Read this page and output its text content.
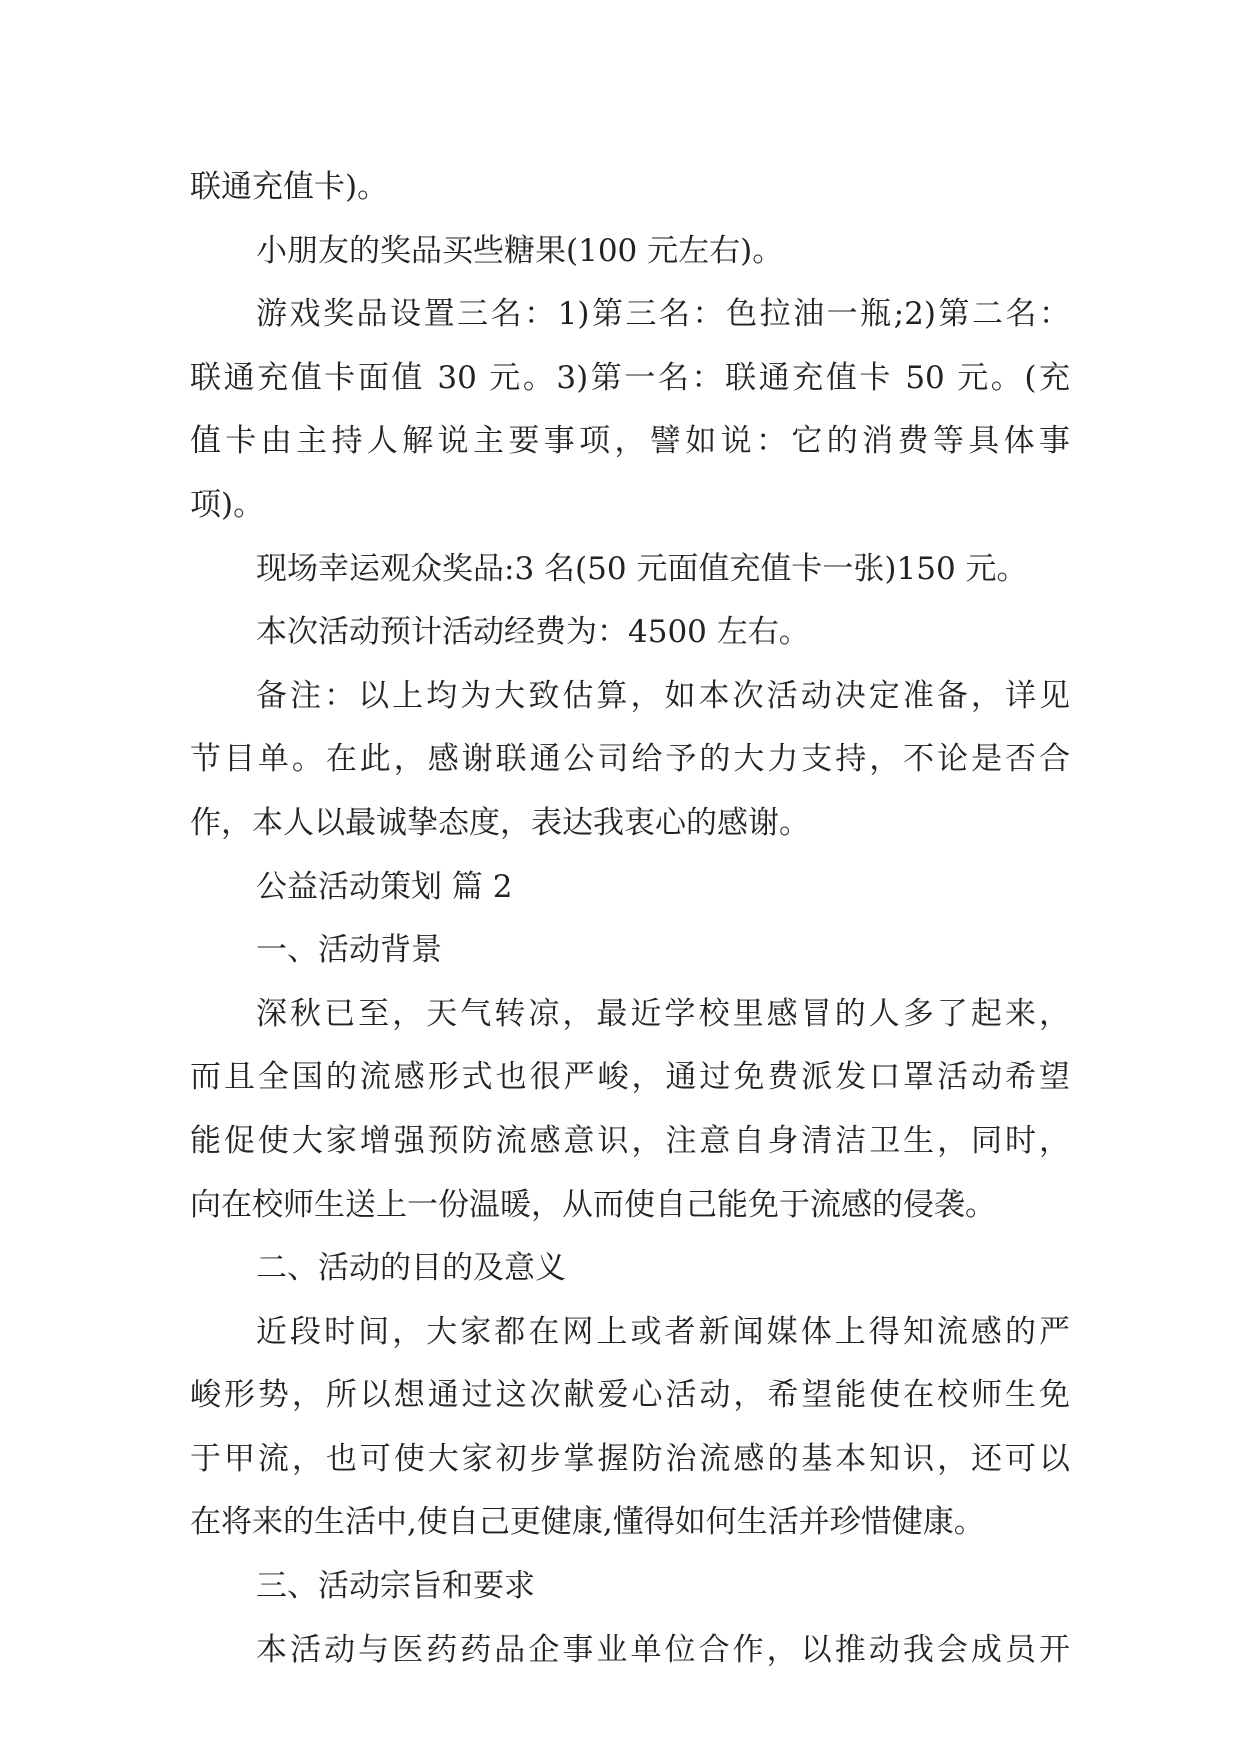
联通充值卡)。
小朋友的奖品买些糖果(100 元左右)。
游戏奖品设置三名：1)第三名：色拉油一瓶;2)第二名：
联通充值卡面值 30 元。3)第一名：联通充值卡 50 元。(充
值卡由主持人解说主要事项，譬如说：它的消费等具体事
项)。
现场幸运观众奖品:3 名(50 元面值充值卡一张)150 元。
本次活动预计活动经费为：4500 左右。
备注：以上均为大致估算，如本次活动决定准备，详见
节目单。在此，感谢联通公司给予的大力支持，不论是否合
作，本人以最诚挚态度，表达我衷心的感谢。
公益活动策划 篇 2
一、活动背景
深秋已至，天气转凉，最近学校里感冒的人多了起来，
而且全国的流感形式也很严峻，通过免费派发口罩活动希望
能促使大家增强预防流感意识，注意自身清洁卫生，同时，
向在校师生送上一份温暖，从而使自己能免于流感的侵袭。
二、活动的目的及意义
近段时间，大家都在网上或者新闻媒体上得知流感的严
峻形势，所以想通过这次献爱心活动，希望能使在校师生免
于甲流，也可使大家初步掌握防治流感的基本知识，还可以
在将来的生活中,使自己更健康,懂得如何生活并珍惜健康。
三、活动宗旨和要求
本活动与医药药品企事业单位合作，以推动我会成员开
